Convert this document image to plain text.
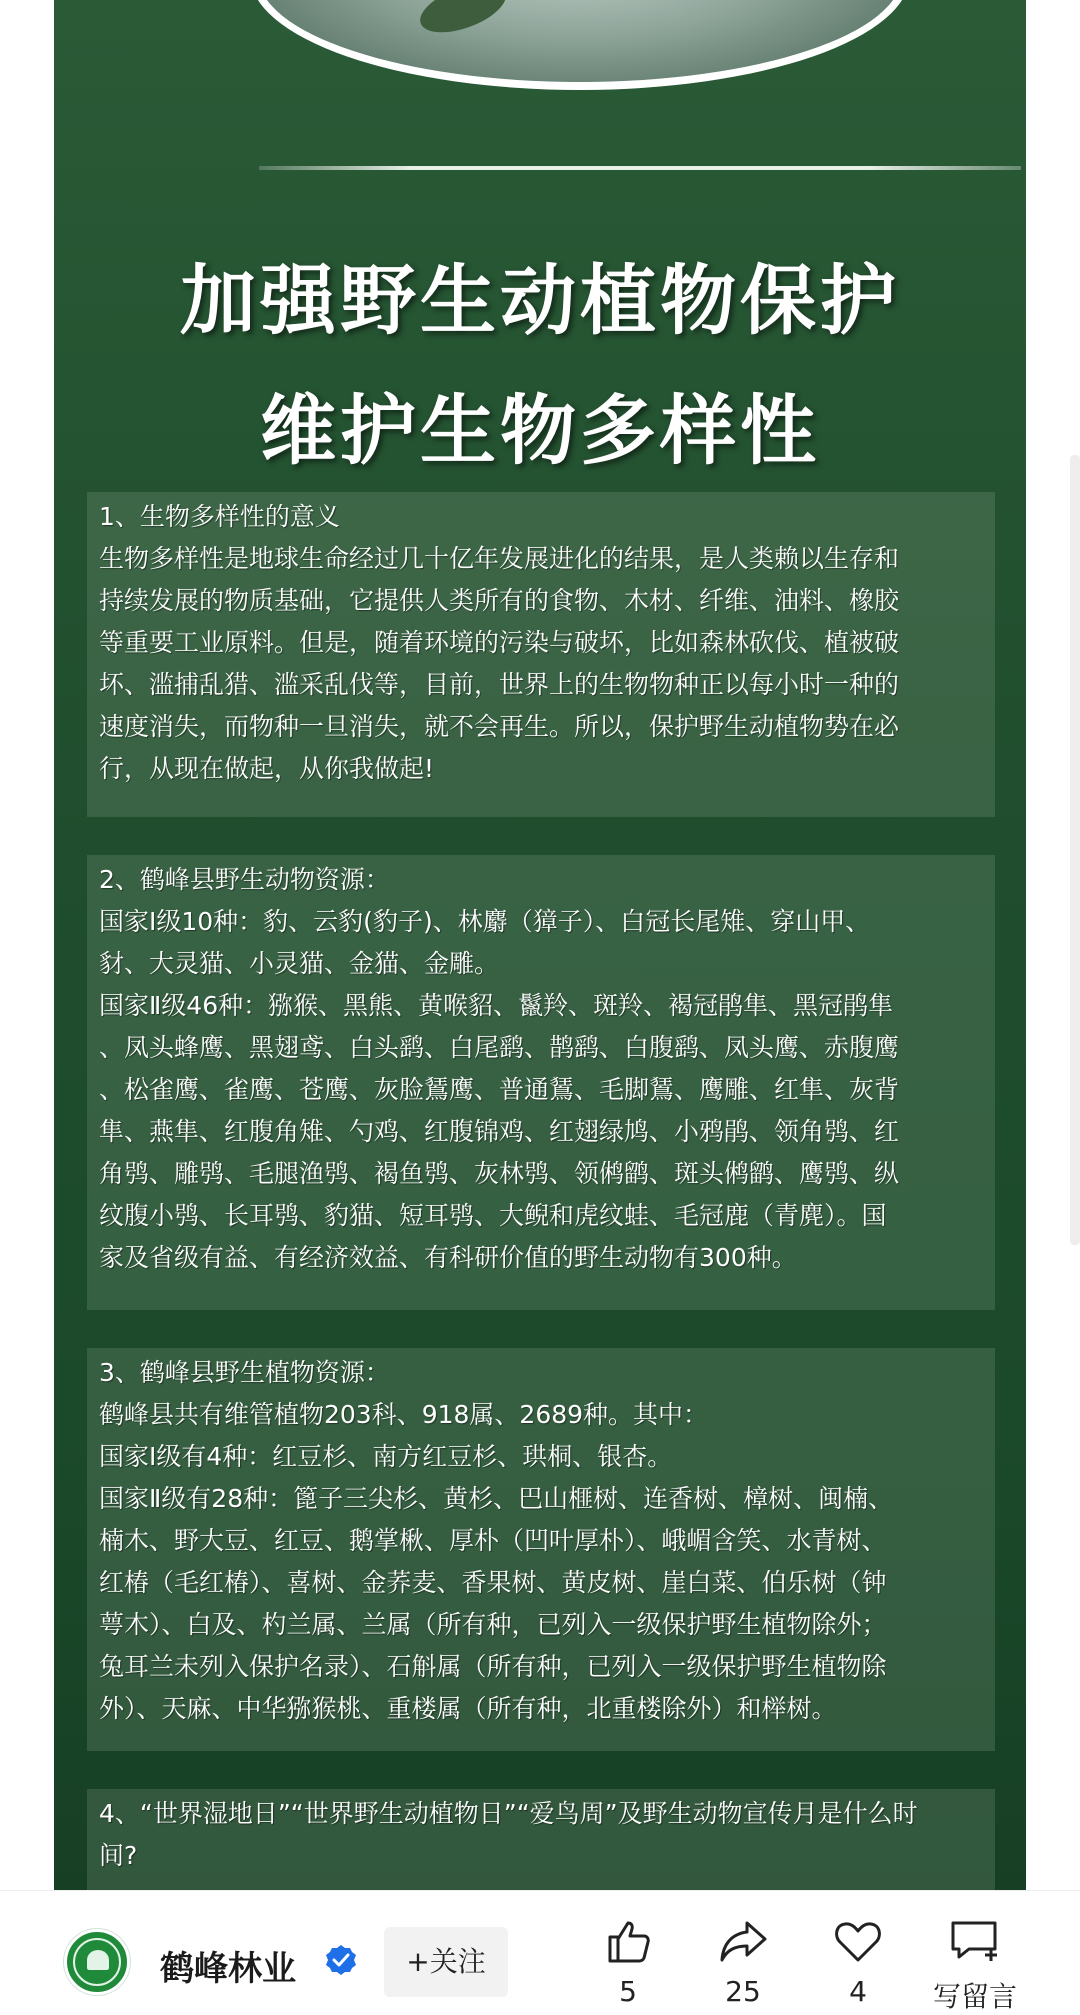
加强野生动植物保护
维护生物多样性

1、生物多样性的意义

生物多样性是地球生命经过几十亿年发展进化的结果，是人类赖以生存和

持续发展的物质基础，它提供人类所有的食物、木材、纤维、油料、橡胶

等重要工业原料。但是，随着环境的污染与破坏，比如森林砍伐、植被破

坏、滥捕乱猎、滥采乱伐等，目前，世界上的生物物种正以每小时一种的

速度消失，而物种一旦消失，就不会再生。所以，保护野生动植物势在必

行，从现在做起，从你我做起!

2、鹤峰县野生动物资源：

国家Ⅰ级10种：豹、云豹(豹子)、林麝（獐子）、白冠长尾雉、穿山甲、

豺、大灵猫、小灵猫、金猫、金雕。

国家Ⅱ级46种：猕猴、黑熊、黄喉貂、鬣羚、斑羚、褐冠鹃隼、黑冠鹃隼

、凤头蜂鹰、黑翅鸢、白头鹞、白尾鹞、鹊鹞、白腹鹞、凤头鹰、赤腹鹰

、松雀鹰、雀鹰、苍鹰、灰脸鵟鹰、普通鵟、毛脚鵟、鹰雕、红隼、灰背

隼、燕隼、红腹角雉、勺鸡、红腹锦鸡、红翅绿鸠、小鸦鹃、领角鸮、红

角鸮、雕鸮、毛腿渔鸮、褐鱼鸮、灰林鸮、领鸺鹠、斑头鸺鹠、鹰鸮、纵

纹腹小鸮、长耳鸮、豹猫、短耳鸮、大鲵和虎纹蛙、毛冠鹿（青麂）。国

家及省级有益、有经济效益、有科研价值的野生动物有300种。

3、鹤峰县野生植物资源：

鹤峰县共有维管植物203科、918属、2689种。其中：

国家Ⅰ级有4种：红豆杉、南方红豆杉、珙桐、银杏。

国家Ⅱ级有28种：篦子三尖杉、黄杉、巴山榧树、连香树、樟树、闽楠、

楠木、野大豆、红豆、鹅掌楸、厚朴（凹叶厚朴）、峨嵋含笑、水青树、

红椿（毛红椿）、喜树、金荞麦、香果树、黄皮树、崖白菜、伯乐树（钟

萼木）、白及、杓兰属、兰属（所有种，已列入一级保护野生植物除外；

兔耳兰未列入保护名录）、石斛属（所有种，已列入一级保护野生植物除

外）、天麻、中华猕猴桃、重楼属（所有种，北重楼除外）和榉树。

4、“世界湿地日”“世界野生动植物日”“爱鸟周”及野生动物宣传月是什么时

间?

鹤峰林业	+关注
5	25	4	写留言
